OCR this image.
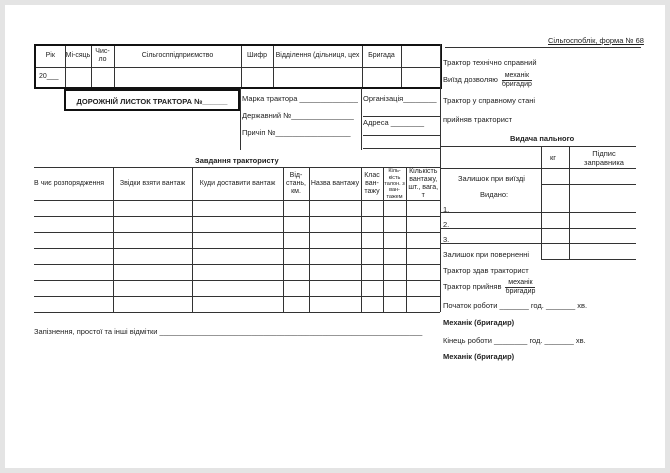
Сільгоспоблік, форма № 68
Рік	Мі-сяць	Чис-ло	Сільгосппідприємство	Шифр	Відділення (дільниця, цех	Бригада	
20___							
ДОРОЖНІЙ ЛИСТОК ТРАКТОРА №______	Марка трактора ______________
Державний №_______________
Причіп №__________________
Організація________
Адреса ________
Завдання трактористу
В чиє розпорядження	Звідки взяти вантаж	Куди доставити вантаж	Від-стань, км.	Назва вантажу	Клас ван-тажу	Кіль-кість талон. з ван-тажем	Кількість вантажу, шт., вага, т

Запізнення, простої та інші відмітки _______________________________________________________________
Трактор технічно справний
Виїзд дозволяю $\frac{\text{механік}}{\text{бригадир}}$
Трактор у справному стані
прийняв тракторист
Видача пального
кг	Підпис заправника
Залишок при виїзді
Видано:
1.
2.
3.
Залишок при поверненні
Трактор здав тракторист
Трактор прийняв $\frac{\text{механік}}{\text{бригадир}}$
Початок роботи _______ год. _______ хв.
Механік (бригадир)
Кінець роботи ________ год. _______ хв.
Механік (бригадир)
